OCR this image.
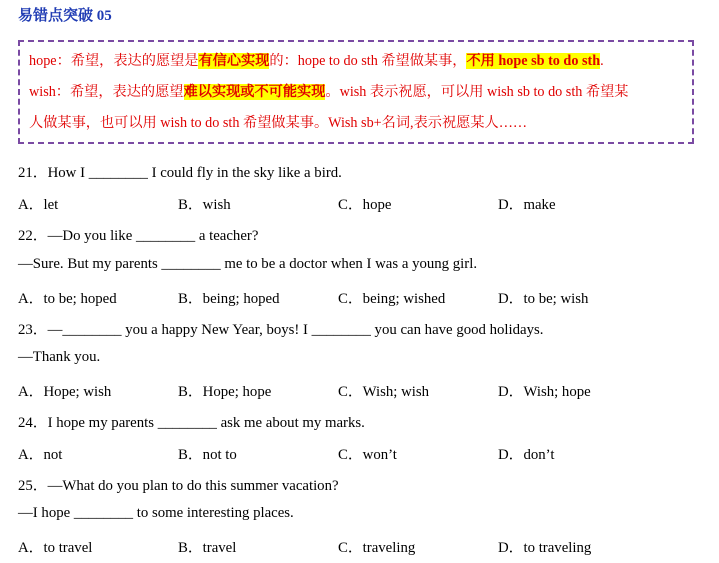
易错点突破 05
hope：希望，表达的愿望是有信心实现的：hope to do sth 希望做某事，不用 hope sb to do sth.
wish：希望，表达的愿望难以实现或不可能实现。wish 表示祝愿，可以用 wish sb to do sth 希望某
人做某事，也可以用 wish to do sth 希望做某事。Wish sb+名词,表示祝愿某人……
21．How I ________ I could fly in the sky like a bird.
A．let	B．wish	C．hope	D．make
22．—Do you like ________ a teacher?
—Sure. But my parents ________ me to be a doctor when I was a young girl.
A．to be; hoped	B．being; hoped	C．being; wished	D．to be; wish
23．—________ you a happy New Year, boys! I ________ you can have good holidays.
—Thank you.
A．Hope; wish	B．Hope; hope	C．Wish; wish	D．Wish; hope
24．I hope my parents ________ ask me about my marks.
A．not	B．not to	C．won’t	D．don’t
25．—What do you plan to do this summer vacation?
—I hope ________ to some interesting places.
A．to travel	B．travel	C．traveling	D．to traveling
